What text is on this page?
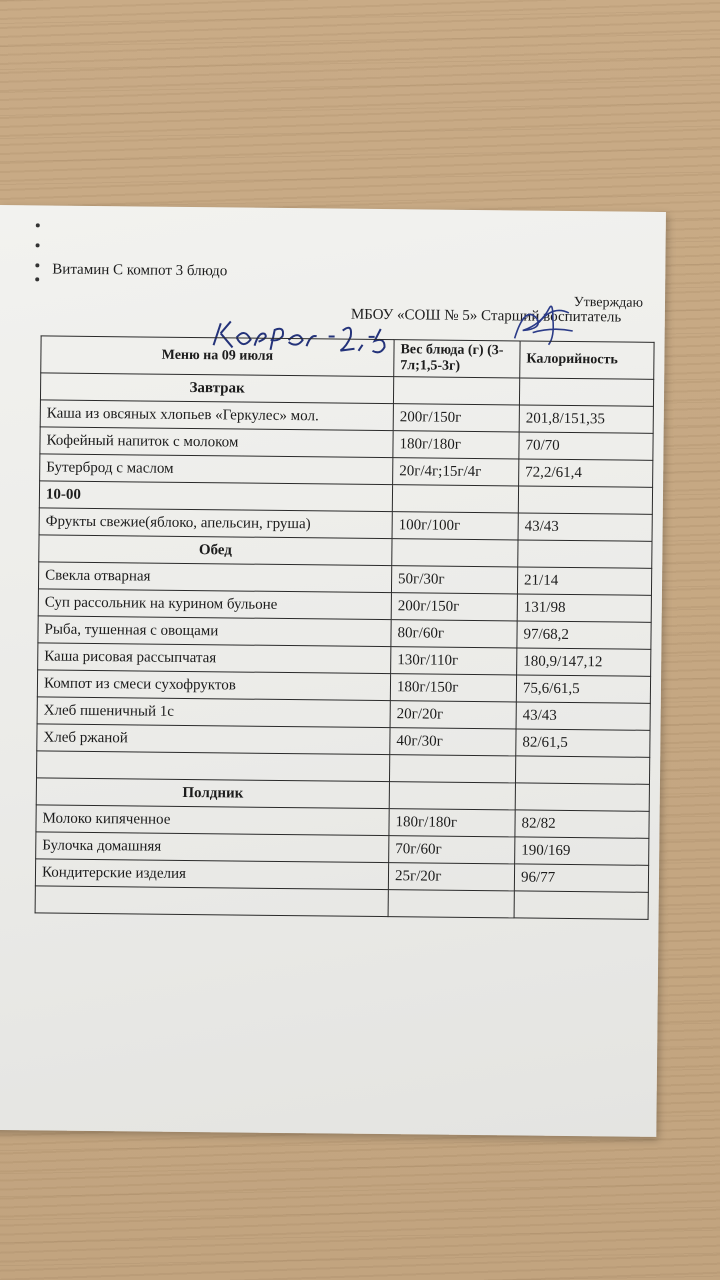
Витамин С компот 3 блюдо
Утверждаю
МБОУ «СОШ № 5» Старший воспитатель
Меню на 09 июля	Вес блюда (г) (3-7л;1,5-3г)	Калорийность
Завтрак		
Каша из овсяных хлопьев «Геркулес» мол.	200г/150г	201,8/151,35
Кофейный напиток с молоком	180г/180г	70/70
Бутерброд с маслом	20г/4г;15г/4г	72,2/61,4
10-00		
Фрукты свежие(яблоко, апельсин, груша)	100г/100г	43/43
Обед		
Свекла отварная	50г/30г	21/14
Суп рассольник на курином бульоне	200г/150г	131/98
Рыба, тушенная с овощами	80г/60г	97/68,2
Каша рисовая рассыпчатая	130г/110г	180,9/147,12
Компот из смеси сухофруктов	180г/150г	75,6/61,5
Хлеб пшеничный 1с	20г/20г	43/43
Хлеб ржаной	40г/30г	82/61,5

Полдник		
Молоко кипяченное	180г/180г	82/82
Булочка домашняя	70г/60г	190/169
Кондитерские изделия	25г/20г	96/77
